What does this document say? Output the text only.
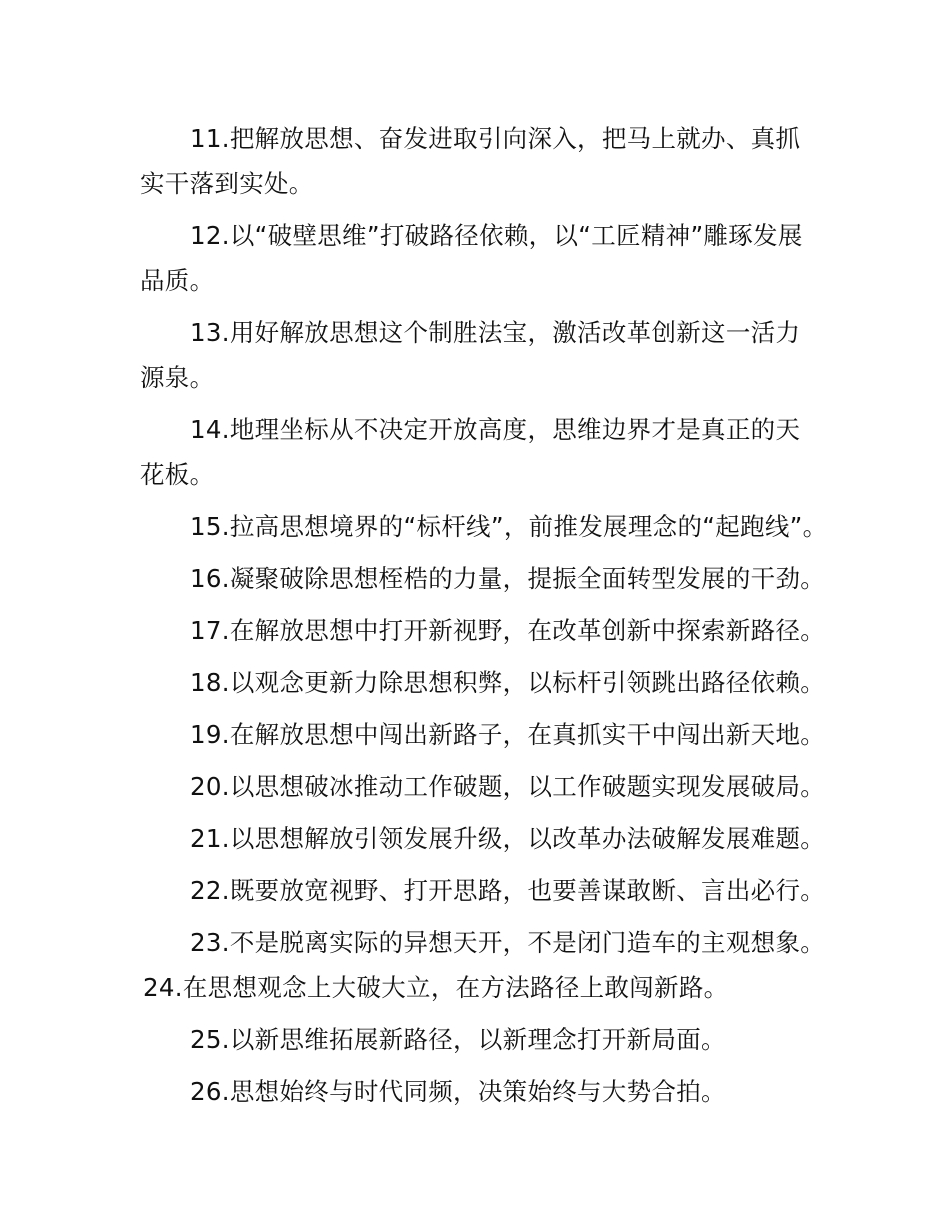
11.把解放思想、奋发进取引向深入，把马上就办、真抓
实干落到实处。
12.以“破壁思维”打破路径依赖，以“工匠精神”雕琢发展
品质。
13.用好解放思想这个制胜法宝，激活改革创新这一活力
源泉。
14.地理坐标从不决定开放高度，思维边界才是真正的天
花板。
15.拉高思想境界的“标杆线”，前推发展理念的“起跑线”。
16.凝聚破除思想桎梏的力量，提振全面转型发展的干劲。
17.在解放思想中打开新视野，在改革创新中探索新路径。
18.以观念更新力除思想积弊，以标杆引领跳出路径依赖。
19.在解放思想中闯出新路子，在真抓实干中闯出新天地。
20.以思想破冰推动工作破题，以工作破题实现发展破局。
21.以思想解放引领发展升级，以改革办法破解发展难题。
22.既要放宽视野、打开思路，也要善谋敢断、言出必行。
23.不是脱离实际的异想天开，不是闭门造车的主观想象。
24.在思想观念上大破大立，在方法路径上敢闯新路。
25.以新思维拓展新路径，以新理念打开新局面。
26.思想始终与时代同频，决策始终与大势合拍。
